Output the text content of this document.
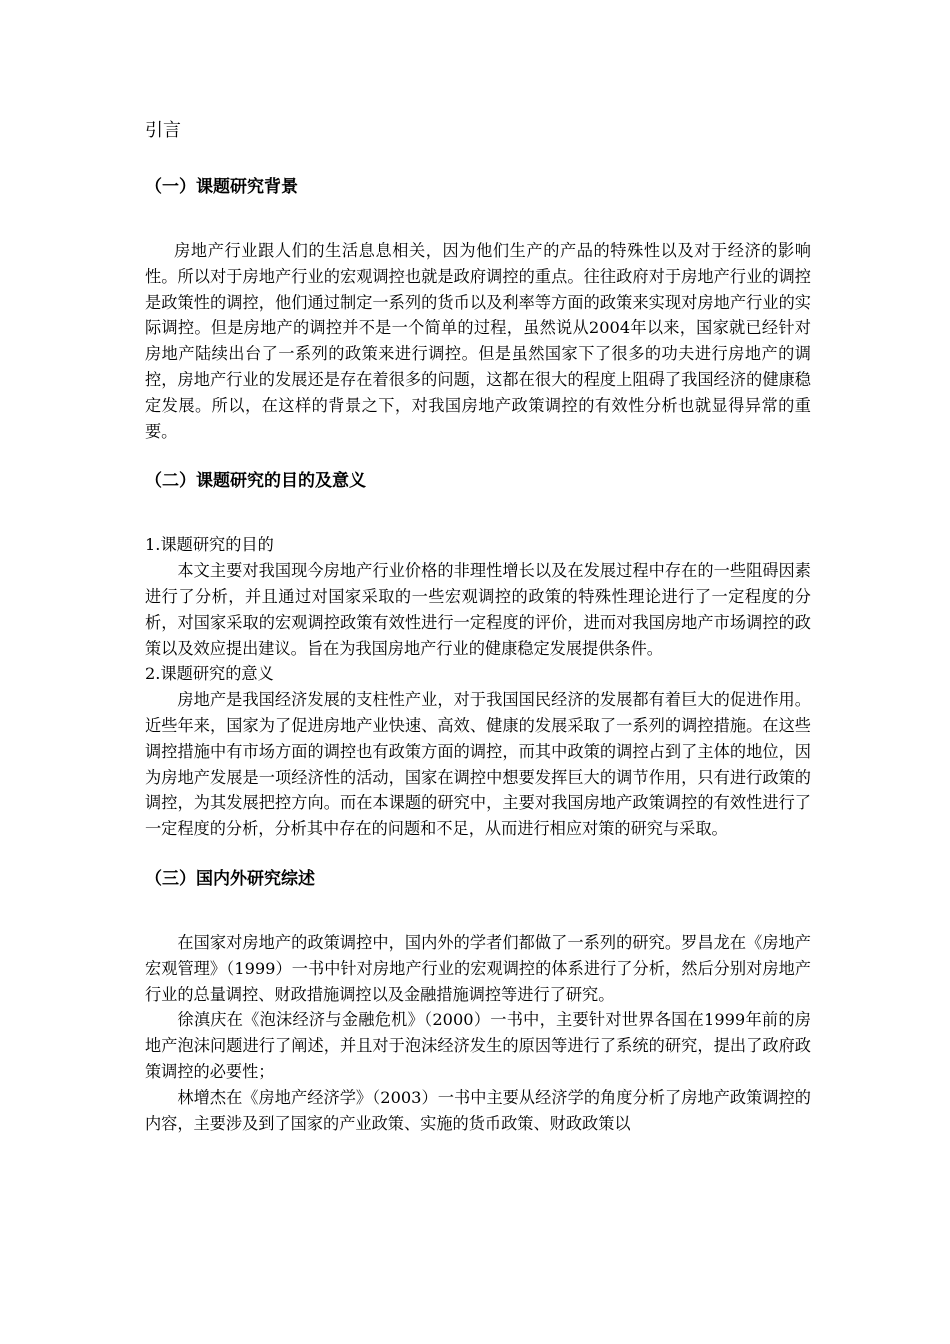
引言
（一）课题研究背景

房地产行业跟人们的生活息息相关，因为他们生产的产品的特殊性以及对于经济的影响性。所以对于房地产行业的宏观调控也就是政府调控的重点。往往政府对于房地产行业的调控是政策性的调控，他们通过制定一系列的货币以及利率等方面的政策来实现对房地产行业的实际调控。但是房地产的调控并不是一个简单的过程，虽然说从2004年以来，国家就已经针对房地产陆续出台了一系列的政策来进行调控。但是虽然国家下了很多的功夫进行房地产的调控，房地产行业的发展还是存在着很多的问题，这都在很大的程度上阻碍了我国经济的健康稳定发展。所以，在这样的背景之下，对我国房地产政策调控的有效性分析也就显得异常的重要。

（二）课题研究的目的及意义

1.课题研究的目的

本文主要对我国现今房地产行业价格的非理性增长以及在发展过程中存在的一些阻碍因素进行了分析，并且通过对国家采取的一些宏观调控的政策的特殊性理论进行了一定程度的分析，对国家采取的宏观调控政策有效性进行一定程度的评价，进而对我国房地产市场调控的政策以及效应提出建议。旨在为我国房地产行业的健康稳定发展提供条件。

2.课题研究的意义

房地产是我国经济发展的支柱性产业，对于我国国民经济的发展都有着巨大的促进作用。近些年来，国家为了促进房地产业快速、高效、健康的发展采取了一系列的调控措施。在这些调控措施中有市场方面的调控也有政策方面的调控，而其中政策的调控占到了主体的地位，因为房地产发展是一项经济性的活动，国家在调控中想要发挥巨大的调节作用，只有进行政策的调控，为其发展把控方向。而在本课题的研究中，主要对我国房地产政策调控的有效性进行了一定程度的分析，分析其中存在的问题和不足，从而进行相应对策的研究与采取。

（三）国内外研究综述

在国家对房地产的政策调控中，国内外的学者们都做了一系列的研究。罗昌龙在《房地产宏观管理》（1999）一书中针对房地产行业的宏观调控的体系进行了分析，然后分别对房地产行业的总量调控、财政措施调控以及金融措施调控等进行了研究。

徐滇庆在《泡沫经济与金融危机》（2000）一书中，主要针对世界各国在1999年前的房地产泡沫问题进行了阐述，并且对于泡沫经济发生的原因等进行了系统的研究，提出了政府政策调控的必要性；

林增杰在《房地产经济学》（2003）一书中主要从经济学的角度分析了房地产政策调控的内容，主要涉及到了国家的产业政策、实施的货币政策、财政政策以
